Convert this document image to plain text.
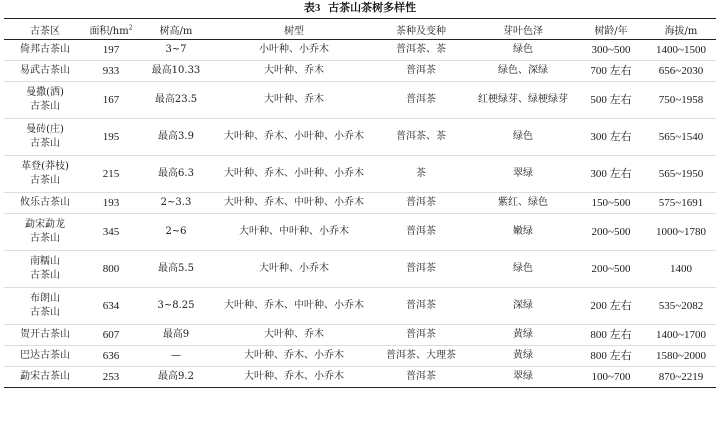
表3 古茶山茶树多样性
古茶区	面积$/hm^2$	树高/m	树型	茶种及变种	芽叶色泽	树龄/年	海拔/m

倚邦古茶山	197	3~7	小叶种、小乔木	普洱茶、茶	绿色	300~500	1400~1500

易武古茶山	933	最高10.33	大叶种、乔木	普洱茶	绿色、深绿	700 左右	656~2030

曼撒(洒)
古茶山	167	最高23.5	大叶种、乔木	普洱茶	红梗绿芽、绿梗绿芽	500 左右	750~1958

曼砖(庄)
古茶山	195	最高3.9	大叶种、乔木、小叶种、小乔木	普洱茶、茶	绿色	300 左右	565~1540

革登(莽枝)
古茶山	215	最高6.3	大叶种、乔木、小叶种、小乔木	茶	翠绿	300 左右	565~1950

攸乐古茶山	193	2~3.3	大叶种、乔木、中叶种、小乔木	普洱茶	紫红、绿色	150~500	575~1691

勐宋勐龙
古茶山	345	2~6	大叶种、中叶种、小乔木	普洱茶	嫩绿	200~500	1000~1780

南糯山
古茶山	800	最高5.5	大叶种、小乔木	普洱茶	绿色	200~500	1400

布朗山
古茶山	634	3~8.25	大叶种、乔木、中叶种、小乔木	普洱茶	深绿	200 左右	535~2082

贺开古茶山	607	最高9	大叶种、乔木	普洱茶	黄绿	800 左右	1400~1700

巴达古茶山	636	—	大叶种、乔木、小乔木	普洱茶、大理茶	黄绿	800 左右	1580~2000

勐宋古茶山	253	最高9.2	大叶种、乔木、小乔木	普洱茶	翠绿	100~700	870~2219
